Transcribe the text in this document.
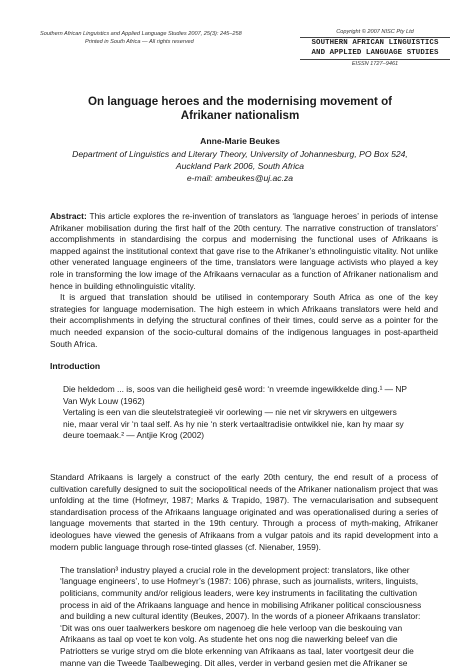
Southern African Linguistics and Applied Language Studies 2007, 25(3): 245–258
Printed in South Africa — All rights reserved
Copyright © 2007 NISC Pty Ltd
SOUTHERN AFRICAN LINGUISTICS
AND APPLIED LANGUAGE STUDIES
EISSN 1727–9461
On language heroes and the modernising movement of
Afrikaner nationalism
Anne-Marie Beukes
Department of Linguistics and Literary Theory, University of Johannesburg, PO Box 524,
Auckland Park 2006, South Africa
e-mail: ambeukes@uj.ac.za

Abstract: This article explores the re-invention of translators as ‘language heroes’ in periods of intense Afrikaner mobilisation during the first half of the 20th century. The narrative construction of translators’ accomplishments in standardising the corpus and modernising the functional uses of Afrikaans is mapped against the institutional context that gave rise to the Afrikaner’s ethnolinguistic vitality. Not unlike other venerated language engineers of the time, translators were language activists who played a key role in transforming the low image of the Afrikaans vernacular as a function of Afrikaner nationalism and hence in building ethnolinguistic vitality.

It is argued that translation should be utilised in contemporary South Africa as one of the key strategies for language modernisation. The high esteem in which Afrikaans translators were held and their accomplishments in defying the structural confines of their times, could serve as a pointer for the much needed expansion of the socio-cultural domains of the indigenous languages in post-apartheid South Africa.

Introduction

Die heldedom ... is, soos van die heiligheid gesê word: ‘n vreemde ingewikkelde ding.¹ — NP

Van Wyk Louw (1962)

Vertaling is een van die sleutelstrategieë vir oorlewing — nie net vir skrywers en uitgewers

nie, maar veral vir ‘n taal self. As hy nie ‘n sterk vertaaltradisie ontwikkel nie, kan hy maar sy

deure toemaak.² — Antjie Krog (2002)

Standard Afrikaans is largely a construct of the early 20th century, the end result of a process of cultivation carefully designed to suit the sociopolitical needs of the Afrikaner nationalism project that was unfolding at the time (Hofmeyr, 1987; Marks & Trapido, 1987). The vernacularisation and subsequent standardisation process of the Afrikaans language originated and was operationalised during a series of language movements that started in the 19th century. Through a process of myth-making, Afrikaner ideologues have viewed the genesis of Afrikaans from a vulgar patois and its rapid development into a modern public language through rose-tinted glasses (cf. Nienaber, 1959).

The translation³ industry played a crucial role in the development project: translators, like other
‘language engineers’, to use Hofmeyr’s (1987: 106) phrase, such as journalists, writers, linguists,
politicians, community and/or religious leaders, were key instruments in facilitating the cultivation
process in aid of the Afrikaans language and hence in mobilising Afrikaner political consciousness
and building a new cultural identity (Beukes, 2007). In the words of a pioneer Afrikaans translator:
‘Dit was ons ouer taalwerkers beskore om nagenoeg die hele verloop van die beskouing van
Afrikaans as taal op voet te kon volg. As studente het ons nog die nawerking beleef van die
Patriotters se vurige stryd om die blote erkenning van Afrikaans as taal, later voortgesit deur die
manne van die Tweede Taalbeweging. Dit alles, verder in verband gesien met die Afrikaner se
